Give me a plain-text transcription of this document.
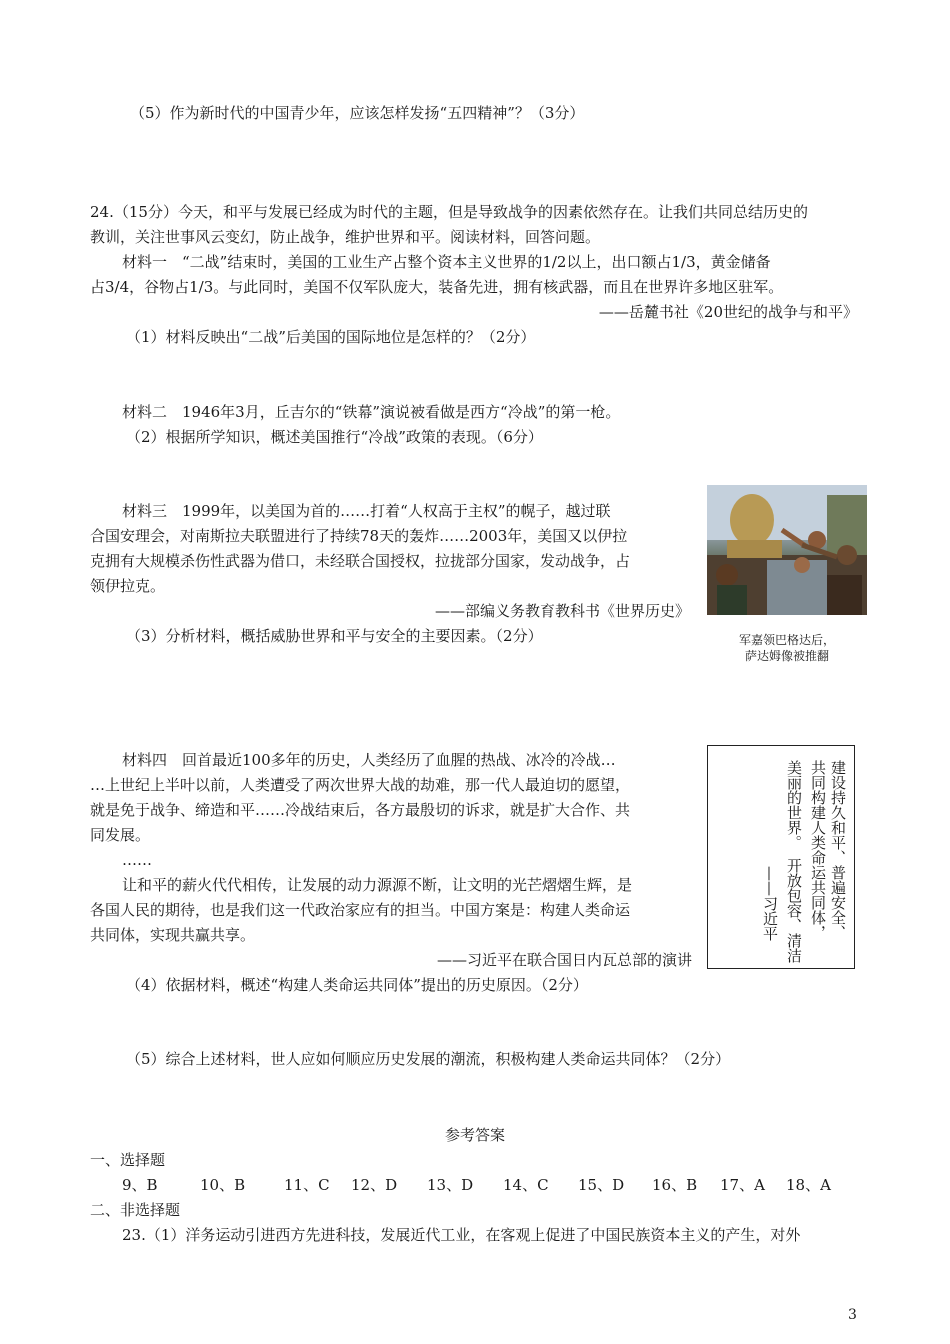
（5）作为新时代的中国青少年，应该怎样发扬“五四精神”？（3分）
24.（15分）今天，和平与发展已经成为时代的主题，但是导致战争的因素依然存在。让我们共同总结历史的
教训，关注世事风云变幻，防止战争，维护世界和平。阅读材料，回答问题。
材料一　“二战”结束时，美国的工业生产占整个资本主义世界的1/2以上，出口额占1/3，黄金储备
占3/4，谷物占1/3。与此同时，美国不仅军队庞大，装备先进，拥有核武器，而且在世界许多地区驻军。
——岳麓书社《20世纪的战争与和平》
（1）材料反映出“二战”后美国的国际地位是怎样的？（2分）
材料二　1946年3月，丘吉尔的“铁幕”演说被看做是西方“冷战”的第一枪。
（2）根据所学知识，概述美国推行“冷战”政策的表现。（6分）
材料三　1999年，以美国为首的……打着“人权高于主权”的幌子，越过联
合国安理会，对南斯拉夫联盟进行了持续78天的轰炸……2003年，美国又以伊拉
克拥有大规模杀伤性武器为借口，未经联合国授权，拉拢部分国家，发动战争，占
领伊拉克。
——部编义务教育教科书《世界历史》
（3）分析材料，概括威胁世界和平与安全的主要因素。（2分）	军嘉领巴格达后，
萨达姆像被推翻
材料四　回首最近100多年的历史，人类经历了血腥的热战、冰冷的冷战…
…上世纪上半叶以前，人类遭受了两次世界大战的劫难，那一代人最迫切的愿望，
就是免于战争、缔造和平……冷战结束后，各方最殷切的诉求，就是扩大合作、共
同发展。
……
让和平的薪火代代相传，让发展的动力源源不断，让文明的光芒熠熠生辉，是
各国人民的期待，也是我们这一代政治家应有的担当。中国方案是：构建人类命运
共同体，实现共赢共享。
——习近平在联合国日内瓦总部的演讲
建设持久和平、普遍安全、
共同构建人类命运共同体，
美丽的世界。
开放包容、清洁
——习近平
（4）依据材料，概述“构建人类命运共同体”提出的历史原因。（2分）
（5）综合上述材料，世人应如何顺应历史发展的潮流，积极构建人类命运共同体？（2分）
参考答案
一、选择题
9、B	10、B	11、C 12、D 13、D 14、C 15、D 16、B 17、A 18、A
二、非选择题
23.（1）洋务运动引进西方先进科技，发展近代工业，在客观上促进了中国民族资本主义的产生，对外
3
